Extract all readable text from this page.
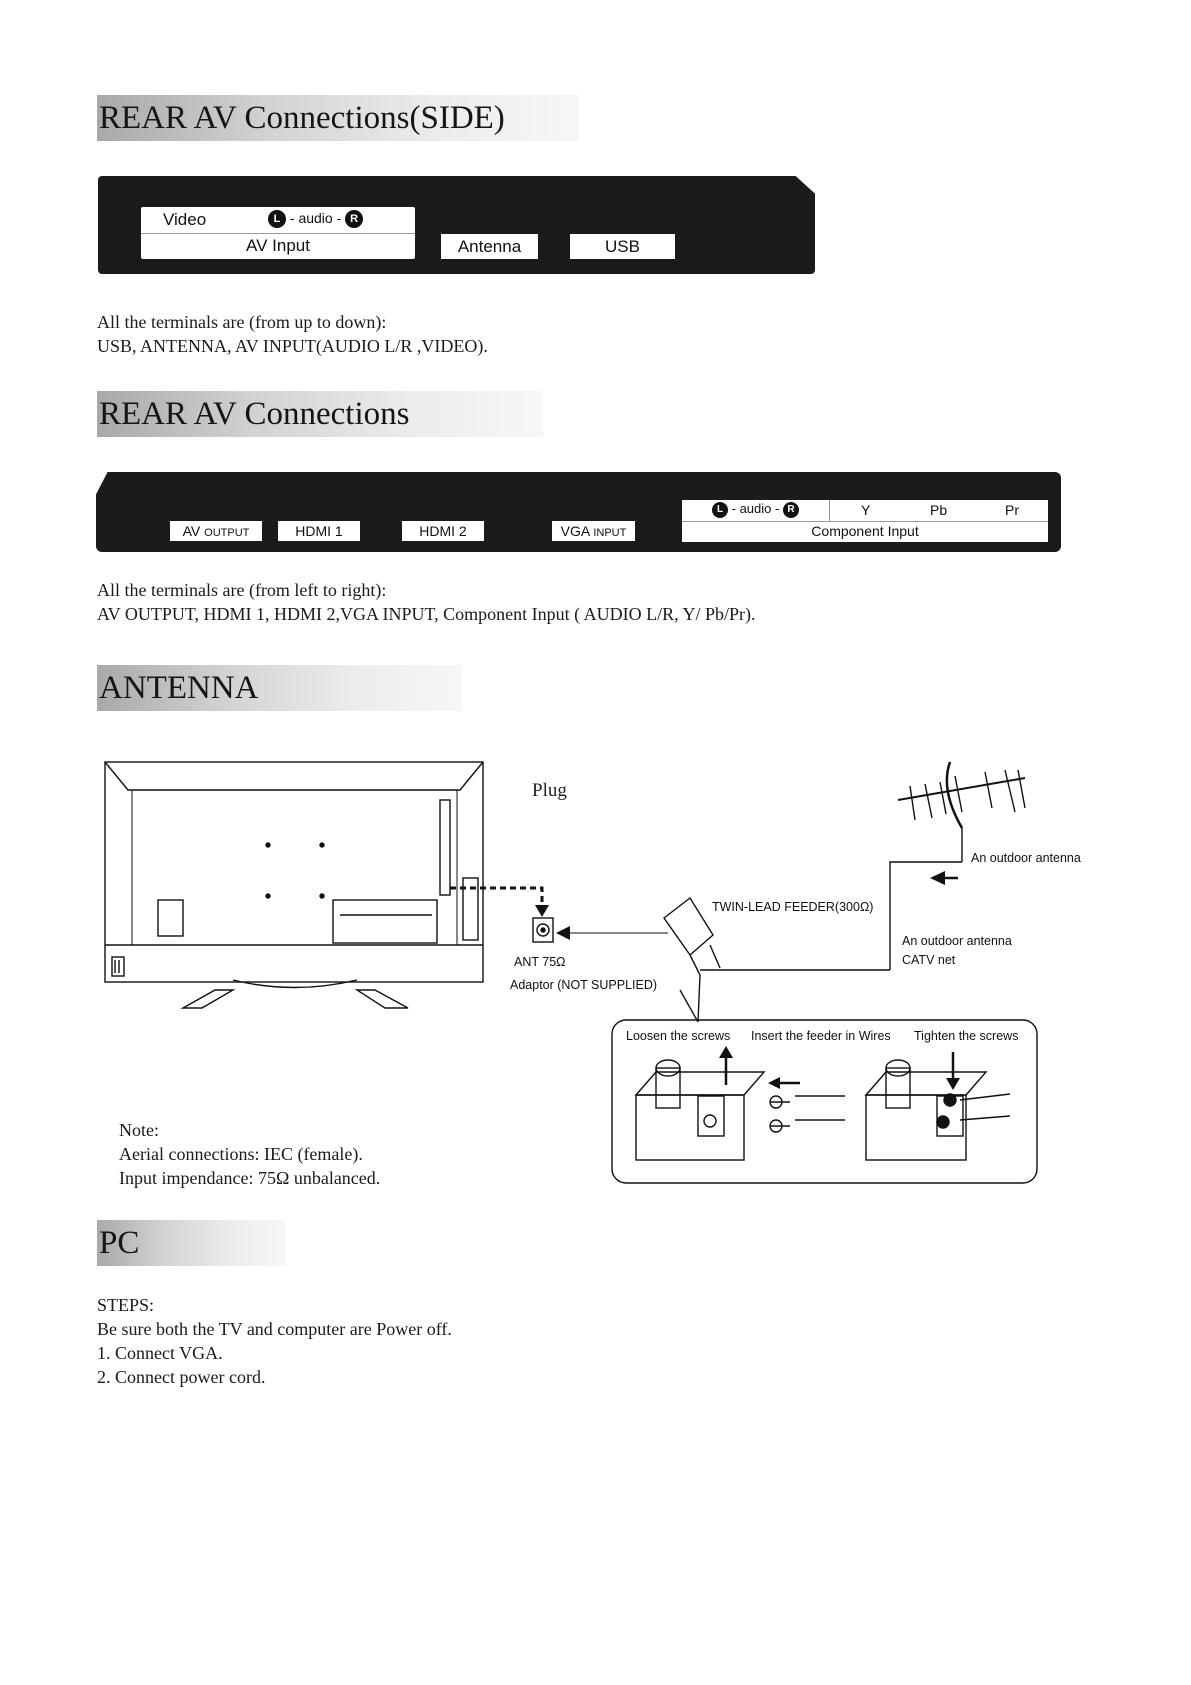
REAR AV Connections(SIDE)
Video	L - audio - R
AV Input	Antenna	USB
All the terminals are (from up to down):
USB, ANTENNA, AV INPUT(AUDIO L/R ,VIDEO).
REAR AV Connections
AV OUTPUT	HDMI 1	HDMI 2	VGA INPUT
L - audio - R	Y	Pb	Pr
Component Input
All the terminals are (from left to right):
AV OUTPUT, HDMI 1, HDMI 2,VGA INPUT, Component Input ( AUDIO L/R, Y/ Pb/Pr).
ANTENNA
Plug
An outdoor antenna
TWIN-LEAD FEEDER(300Ω)
An outdoor antenna
CATV net
ANT 75Ω
Adaptor (NOT SUPPLIED)
Loosen the screws Insert the feeder in Wires Tighten the screws
Note:
Aerial connections: IEC (female).
Input impendance: 75Ω unbalanced.
PC
STEPS:
Be sure both the TV and computer are Power off.
1. Connect VGA.
2. Connect power cord.
